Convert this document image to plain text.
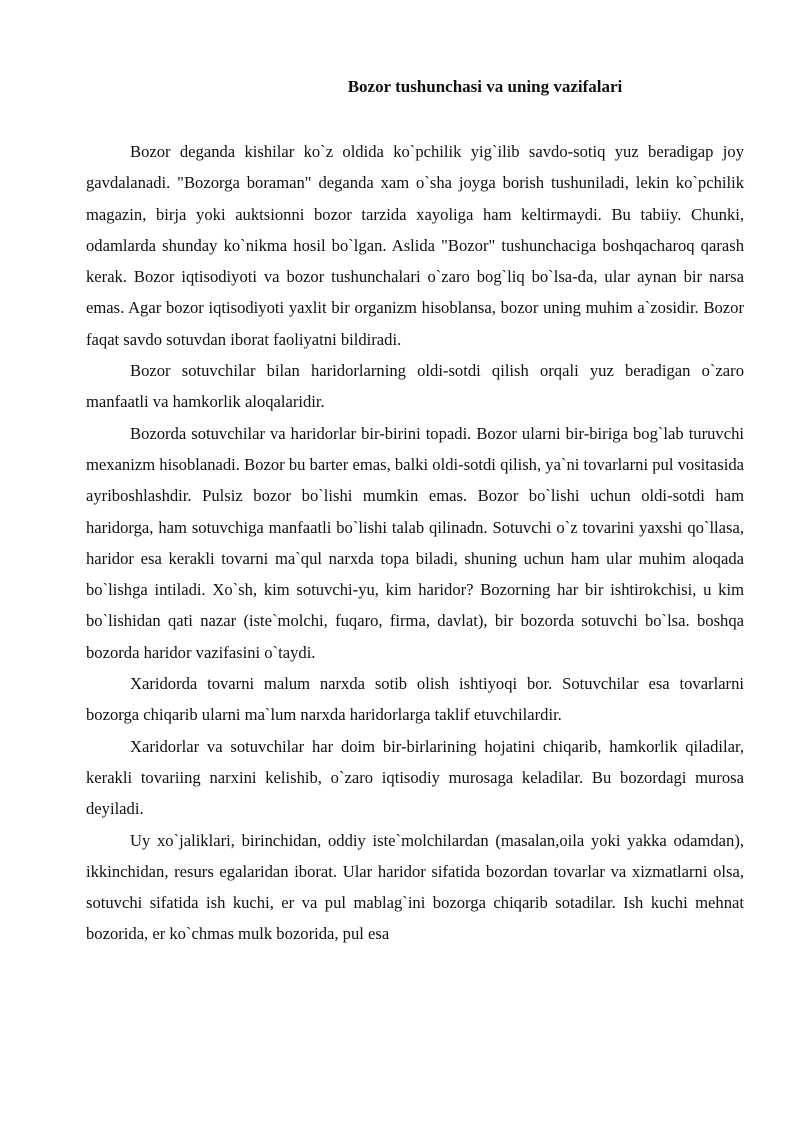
Bozor tushunchasi va uning vazifalari

Bozor deganda kishilar ko`z oldida ko`pchilik yig`ilib savdo-sotiq yuz beradigap joy gavdalanadi. "Bozorga boraman" deganda xam o`sha joyga borish tushuniladi, lekin ko`pchilik magazin, birja yoki auktsionni bozor tarzida xayoliga ham keltirmaydi. Bu tabiiy. Chunki, odamlarda shunday ko`nikma hosil bo`lgan. Aslida "Bozor" tushunchaciga boshqacharoq qarash kerak. Bozor iqtisodiyoti va bozor tushunchalari o`zaro bog`liq bo`lsa-da, ular aynan bir narsa emas. Agar bozor iqtisodiyoti yaxlit bir organizm hisoblansa, bozor uning muhim a`zosidir. Bozor faqat savdo sotuvdan iborat faoliyatni bildiradi.

Bozor sotuvchilar bilan haridorlarning oldi-sotdi qilish orqali yuz beradigan o`zaro manfaatli va hamkorlik aloqalaridir.

Bozorda sotuvchilar va haridorlar bir-birini topadi. Bozor ularni bir-biriga bog`lab turuvchi mexanizm hisoblanadi. Bozor bu barter emas, balki oldi-sotdi qilish, ya`ni tovarlarni pul vositasida ayriboshlashdir. Pulsiz bozor bo`lishi mumkin emas. Bozor bo`lishi uchun oldi-sotdi ham haridorga, ham sotuvchiga manfaatli bo`lishi talab qilinadn. Sotuvchi o`z tovarini yaxshi qo`llasa, haridor esa kerakli tovarni ma`qul narxda topa biladi, shuning uchun ham ular muhim aloqada bo`lishga intiladi. Xo`sh, kim sotuvchi-yu, kim haridor? Bozorning har bir ishtirokchisi, u kim bo`lishidan qati nazar (iste`molchi, fuqaro, firma, davlat), bir bozorda sotuvchi bo`lsa. boshqa bozorda haridor vazifasini o`taydi.

Xaridorda tovarni malum narxda sotib olish ishtiyoqi bor. Sotuvchilar esa tovarlarni bozorga chiqarib ularni ma`lum narxda haridorlarga taklif etuvchilardir.

Xaridorlar va sotuvchilar har doim bir-birlarining hojatini chiqarib, hamkorlik qiladilar, kerakli tovariing narxini kelishib, o`zaro iqtisodiy murosaga keladilar. Bu bozordagi murosa deyiladi.

Uy xo`jaliklari, birinchidan, oddiy iste`molchilardan (masalan,oila yoki yakka odamdan), ikkinchidan, resurs egalaridan iborat. Ular haridor sifatida bozordan tovarlar va xizmatlarni olsa, sotuvchi sifatida ish kuchi, er va pul mablag`ini bozorga chiqarib sotadilar. Ish kuchi mehnat bozorida, er ko`chmas mulk bozorida, pul esa
